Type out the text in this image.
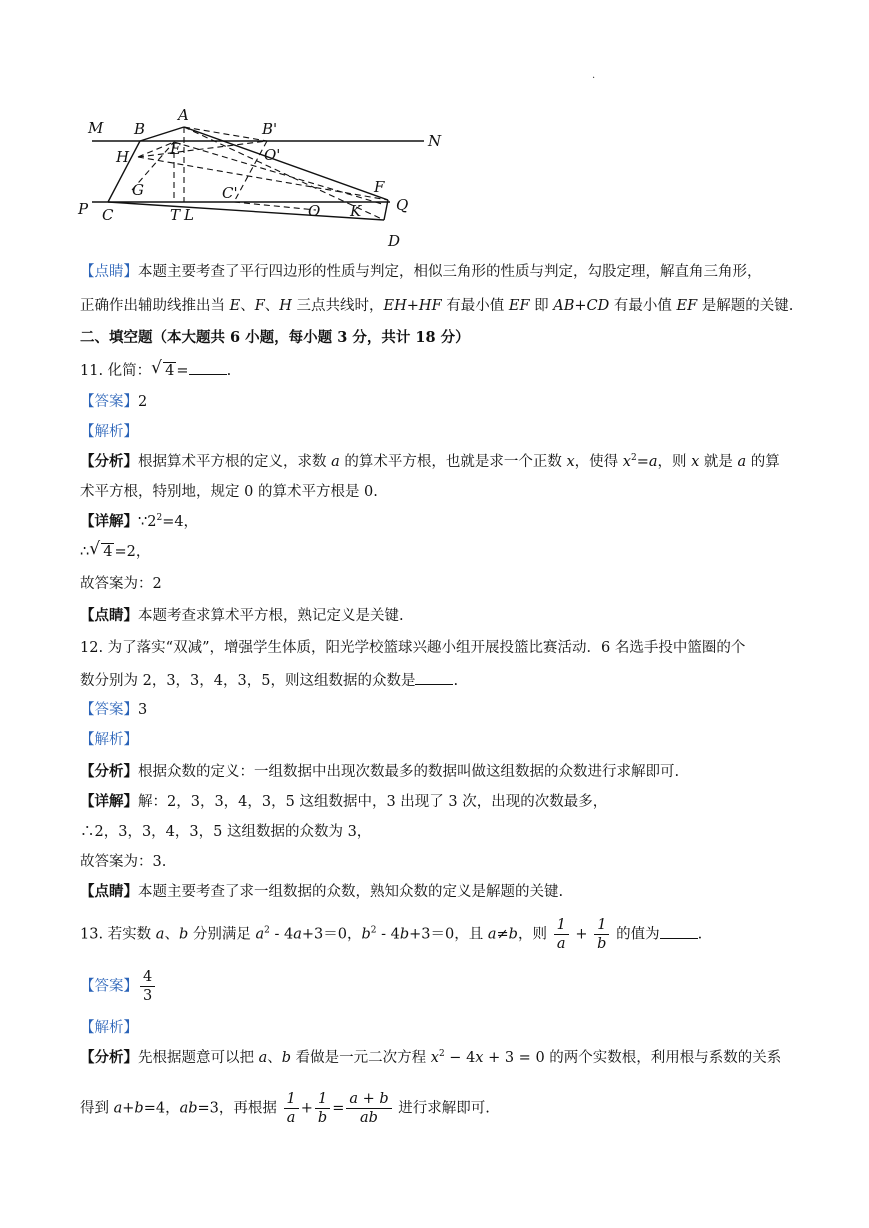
.
M B
A
B'
N
H	E	O'
G	C'	F
P C	T L	O K Q
D
【点睛】本题主要考查了平行四边形的性质与判定，相似三角形的性质与判定，勾股定理，解直角三角形，
正确作出辅助线推出当 E、F、H 三点共线时，EH+HF 有最小值 EF 即 AB+CD 有最小值 EF 是解题的关键.
二、填空题（本大题共 6 小题，每小题 3 分，共计 18 分）
11. 化简： √ 4 =	.
【答案】2
【解析】
【分析】根据算术平方根的定义，求数 a 的算术平方根，也就是求一个正数 x，使得 $x^2=a$，则 x 就是 a 的算
术平方根，特别地，规定 0 的算术平方根是 0.
【详解】$\because 2^2=4$，
∴ √ 4 =2，
故答案为：2
【点睛】本题考查求算术平方根，熟记定义是关键.
12. 为了落实“双减”，增强学生体质，阳光学校篮球兴趣小组开展投篮比赛活动．6 名选手投中篮圈的个
数分别为 2，3，3，4，3，5，则这组数据的众数是	.
【答案】3
【解析】
【分析】根据众数的定义：一组数据中出现次数最多的数据叫做这组数据的众数进行求解即可.
【详解】解：2，3，3，4，3，5 这组数据中，3 出现了 3 次，出现的次数最多，
∴2，3，3，4，3，5 这组数据的众数为 3，
故答案为：3.
【点睛】本题主要考查了求一组数据的众数，熟知众数的定义是解题的关键.
13. 若实数 a、b 分别满足 $a^2 - 4a+3=0$，$b^2 - 4b+3=0$，且 a≠b，则 $\frac{1}{a} + \frac{1}{b}$ 的值为	.
【答案】 $\frac{4}{3}$
【解析】
【分析】先根据题意可以把 a、b 看做是一元二次方程 $x^2 - 4x + 3 = 0$ 的两个实数根，利用根与系数的关系
得到 a+b=4，ab=3，再根据 $\frac{1}{a} + \frac{1}{b} = \frac{a + b}{ab}$ 进行求解即可.
